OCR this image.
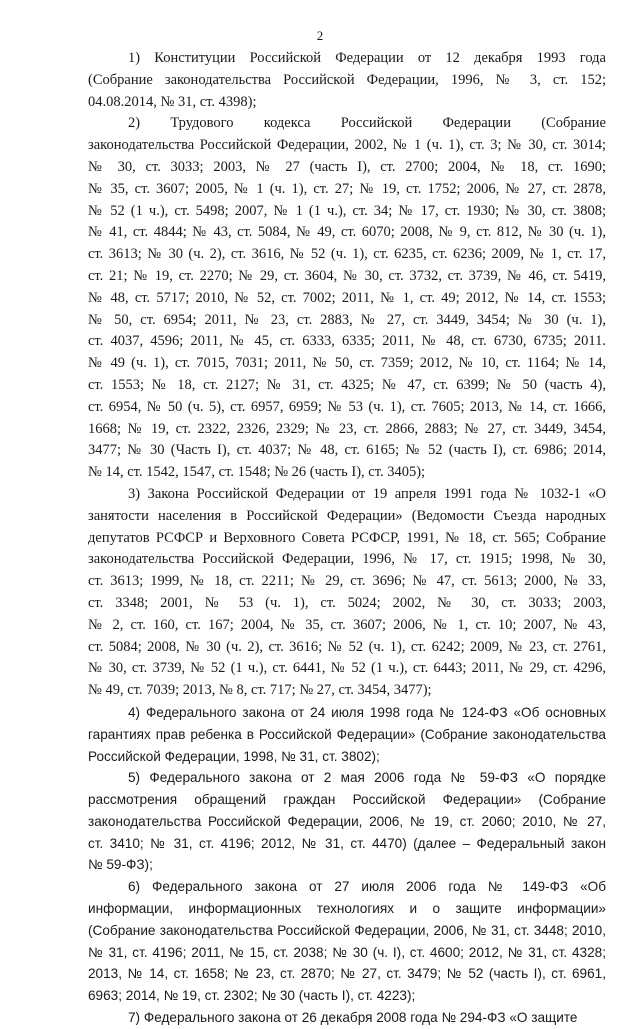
2
1) Конституции Российской Федерации от 12 декабря 1993 года
(Собрание законодательства Российской Федерации, 1996, № 3, ст. 152;
04.08.2014, № 31, ст. 4398);
2) Трудового кодекса Российской Федерации (Собрание
законодательства Российской Федерации, 2002, № 1 (ч. 1), ст. 3; № 30, ст. 3014;
№ 30, ст. 3033; 2003, № 27 (часть I), ст. 2700; 2004, № 18, ст. 1690;
№ 35, ст. 3607; 2005, № 1 (ч. 1), ст. 27; № 19, ст. 1752; 2006, № 27, ст. 2878,
№ 52 (1 ч.), ст. 5498; 2007, № 1 (1 ч.), ст. 34; № 17, ст. 1930; № 30, ст. 3808;
№ 41, ст. 4844; № 43, ст. 5084, № 49, ст. 6070; 2008, № 9, ст. 812, № 30 (ч. 1),
ст. 3613; № 30 (ч. 2), ст. 3616, № 52 (ч. 1), ст. 6235, ст. 6236; 2009, № 1, ст. 17,
ст. 21; № 19, ст. 2270; № 29, ст. 3604, № 30, ст. 3732, ст. 3739, № 46, ст. 5419,
№ 48, ст. 5717; 2010, № 52, ст. 7002; 2011, № 1, ст. 49; 2012, № 14, ст. 1553;
№ 50, ст. 6954; 2011, № 23, ст. 2883, № 27, ст. 3449, 3454; № 30 (ч. 1),
ст. 4037, 4596; 2011, № 45, ст. 6333, 6335; 2011, № 48, ст. 6730, 6735; 2011.
№ 49 (ч. 1), ст. 7015, 7031; 2011, № 50, ст. 7359; 2012, № 10, ст. 1164; № 14,
ст. 1553; № 18, ст. 2127; № 31, ст. 4325; № 47, ст. 6399; № 50 (часть 4),
ст. 6954, № 50 (ч. 5), ст. 6957, 6959; № 53 (ч. 1), ст. 7605; 2013, № 14, ст. 1666,
1668; № 19, ст. 2322, 2326, 2329; № 23, ст. 2866, 2883; № 27, ст. 3449, 3454,
3477; № 30 (Часть I), ст. 4037; № 48, ст. 6165; № 52 (часть I), ст. 6986; 2014,
№ 14, ст. 1542, 1547, ст. 1548; № 26 (часть I), ст. 3405);
3) Закона Российской Федерации от 19 апреля 1991 года № 1032-1 «О
занятости населения в Российской Федерации» (Ведомости Съезда народных
депутатов РСФСР и Верховного Совета РСФСР, 1991, № 18, ст. 565; Собрание
законодательства Российской Федерации, 1996, № 17, ст. 1915; 1998, № 30,
ст. 3613; 1999, № 18, ст. 2211; № 29, ст. 3696; № 47, ст. 5613; 2000, № 33,
ст. 3348; 2001, № 53 (ч. 1), ст. 5024; 2002, № 30, ст. 3033; 2003,
№ 2, ст. 160, ст. 167; 2004, № 35, ст. 3607; 2006, № 1, ст. 10; 2007, № 43,
ст. 5084; 2008, № 30 (ч. 2), ст. 3616; № 52 (ч. 1), ст. 6242; 2009, № 23, ст. 2761,
№ 30, ст. 3739, № 52 (1 ч.), ст. 6441, № 52 (1 ч.), ст. 6443; 2011, № 29, ст. 4296,
№ 49, ст. 7039; 2013, № 8, ст. 717; № 27, ст. 3454, 3477);
4) Федерального закона от 24 июля 1998 года № 124-ФЗ «Об основных
гарантиях прав ребенка в Российской Федерации» (Собрание законодательства
Российской Федерации, 1998, № 31, ст. 3802);
5) Федерального закона от 2 мая 2006 года № 59-ФЗ «О порядке
рассмотрения обращений граждан Российской Федерации» (Собрание
законодательства Российской Федерации, 2006, № 19, ст. 2060; 2010, № 27,
ст. 3410; № 31, ст. 4196; 2012, № 31, ст. 4470) (далее – Федеральный закон
№ 59-ФЗ);
6) Федерального закона от 27 июля 2006 года № 149-ФЗ «Об
информации, информационных технологиях и о защите информации»
(Собрание законодательства Российской Федерации, 2006, № 31, ст. 3448; 2010,
№ 31, ст. 4196; 2011, № 15, ст. 2038; № 30 (ч. I), ст. 4600; 2012, № 31, ст. 4328;
2013, № 14, ст. 1658; № 23, ст. 2870; № 27, ст. 3479; № 52 (часть I), ст. 6961,
6963; 2014, № 19, ст. 2302; № 30 (часть I), ст. 4223);
7) Федерального закона от 26 декабря 2008 года № 294-ФЗ «О защите
